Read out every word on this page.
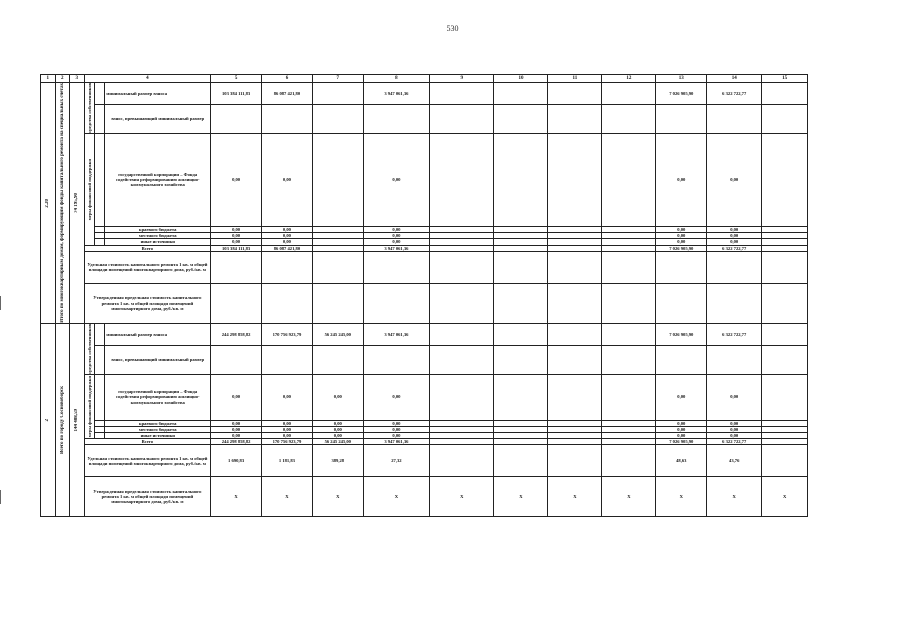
530
1	2	3	4			5	6	7	8	9	10	11	12	13	14	15

2.20	Итого по многоквартирным домам, формирующим фонды капитального ремонта на специальных счетах	74 195,90	средства собственников		минимальный размер взноса	103 384 111,83	86 087 421,80		3 947 061,36					7 026 905,90	6 322 722,77	
					взнос, превышающий минимальный размер											

			меры финансовой поддержки		государственной корпорации – Фонда содействия реформированию жилищно-коммунального хозяйства	0,00	0,00		0,00					0,00	0,00	
					краевого бюджета	0,00	0,00		0,00					0,00	0,00	
					местного бюджета	0,00	0,00		0,00					0,00	0,00	
					иные источники	0,00	0,00		0,00					0,00	0,00	
			Всего			103 384 111,83	86 087 421,80		3 947 061,36					7 026 905,90	6 322 722,77	
			Удельная стоимость капитального ремонта 1 кв. м общей площади помещений многоквартирного дома, руб./кв. м													
			Утвержденная предельная стоимость капитального ремонта 1 кв. м общей площади помещений многоквартирного дома, руб./кв. м													

2	Всего по городу Сосновоборск	144 488,59	средства собственников		минимальный размер взноса	244 298 858,82	170 756 923,79	56 245 245,00	3 947 061,36					7 026 905,90	6 322 722,77	
					взнос, превышающий минимальный размер											

			меры финансовой поддержки		государственной корпорации – Фонда содействия реформированию жилищно-коммунального хозяйства	0,00	0,00	0,00	0,00					0,00	0,00	
					краевого бюджета	0,00	0,00	0,00	0,00					0,00	0,00	
					местного бюджета	0,00	0,00	0,00	0,00					0,00	0,00	
					иные источники	0,00	0,00	0,00	0,00					0,00	0,00	
			Всего			244 298 858,82	170 756 923,79	56 245 245,00	3 947 061,36					7 026 905,90	6 322 722,77	
			Удельная стоимость капитального ремонта 1 кв. м общей площади помещений многоквартирного дома, руб./кв. м			1 690,83	1 181,83	389,28	27,32					48,63	43,76	
			Утвержденная предельная стоимость капитального ремонта 1 кв. м общей площади помещений многоквартирного дома, руб./кв. м			X	X	X	X	X	X	X	X	X	X	X
